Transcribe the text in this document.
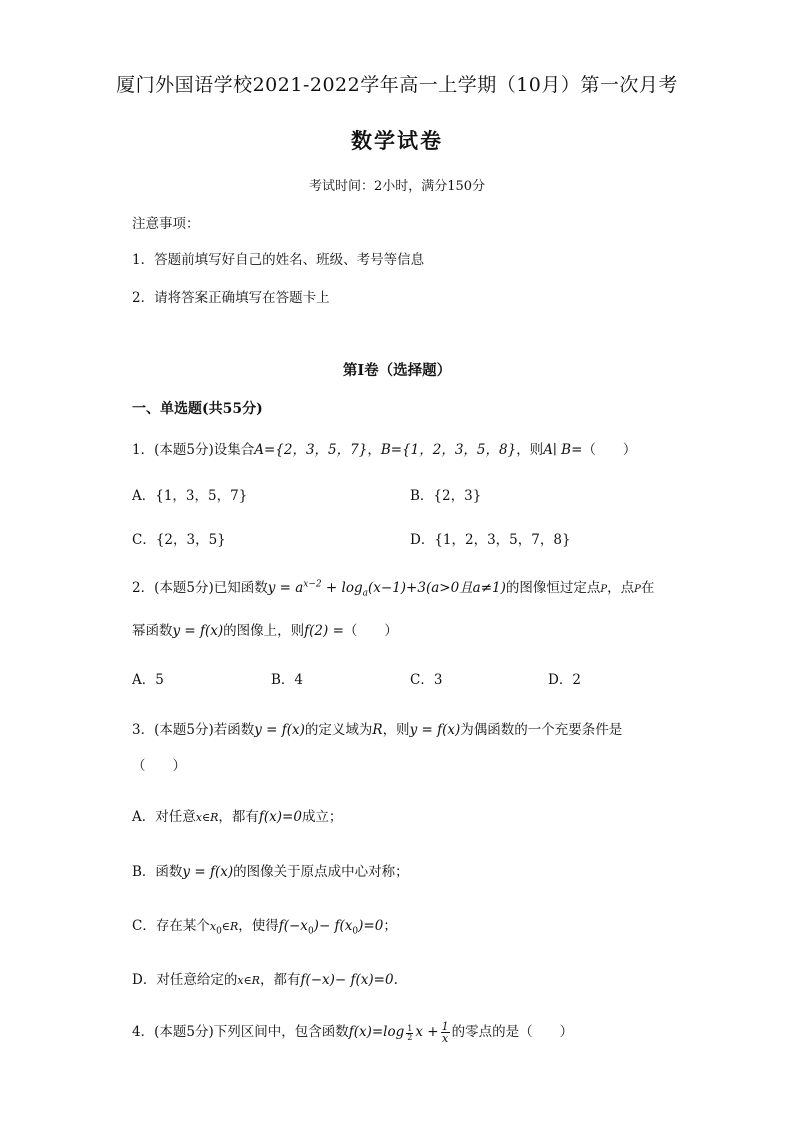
厦门外国语学校2021-2022学年高一上学期（10月）第一次月考
数学试卷
考试时间：2小时，满分150分
注意事项：
1．答题前填写好自己的姓名、班级、考号等信息
2．请将答案正确填写在答题卡上
第I卷（选择题）
一、单选题(共55分)
1．(本题5分)设集合A={2，3，5，7}，B={1，2，3，5，8}，则A∣ B=（　　）
A．{1，3，5，7}	B．{2，3}
C．{2，3，5}	D．{1，2，3，5，7，8}
2．(本题5分)已知函数$y = a^{x-2} + \log_a(x-1)+3(a>0$且a≠1)的图像恒过定点P，点P在
幂函数y = f(x)的图像上，则f(2) =（　　）
A．5	B．4	C．3	D．2
3．(本题5分)若函数y = f(x)的定义域为R，则y = f(x)为偶函数的一个充要条件是
（　　）
A．对任意x∈R，都有f(x)=0成立；
B．函数y = f(x)的图像关于原点成中心对称；
C．存在某个$x_0\in R$，使得$f(-x_0)- f(x_0)=0$；
D．对任意给定的x∈R，都有f(−x)− f(x)=0.
4．(本题5分)下列区间中，包含函数$f(x)=\log \frac{1}{2}$ $x + \frac{1}{x}$ 的零点的是（　　）
